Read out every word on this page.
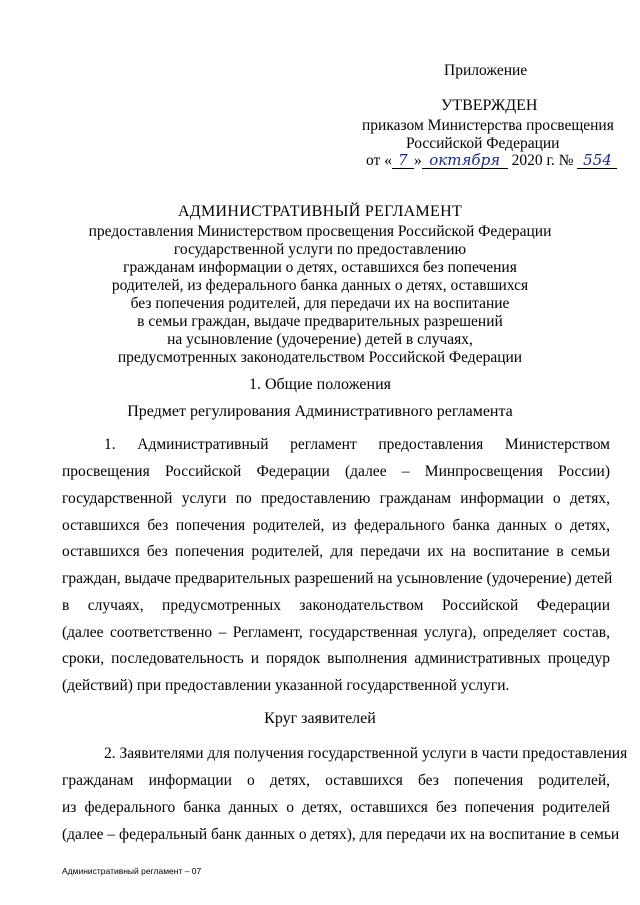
Приложение
УТВЕРЖДЕН
приказом Министерства просвещения
Российской Федерации
от « 7 » октября 2020 г. № 554
АДМИНИСТРАТИВНЫЙ РЕГЛАМЕНТ
предоставления Министерством просвещения Российской Федерации
государственной услуги по предоставлению
гражданам информации о детях, оставшихся без попечения
родителей, из федерального банка данных о детях, оставшихся
без попечения родителей, для передачи их на воспитание
в семьи граждан, выдаче предварительных разрешений
на усыновление (удочерение) детей в случаях,
предусмотренных законодательством Российской Федерации
1. Общие положения
Предмет регулирования Административного регламента
1. Административный регламент предоставления Министерством
просвещения Российской Федерации (далее – Минпросвещения России)
государственной услуги по предоставлению гражданам информации о детях,
оставшихся без попечения родителей, из федерального банка данных о детях,
оставшихся без попечения родителей, для передачи их на воспитание в семьи
граждан, выдаче предварительных разрешений на усыновление (удочерение) детей
в случаях, предусмотренных законодательством Российской Федерации
(далее соответственно – Регламент, государственная услуга), определяет состав,
сроки, последовательность и порядок выполнения административных процедур
(действий) при предоставлении указанной государственной услуги.
Круг заявителей
2. Заявителями для получения государственной услуги в части предоставления
гражданам информации о детях, оставшихся без попечения родителей,
из федерального банка данных о детях, оставшихся без попечения родителей
(далее – федеральный банк данных о детях), для передачи их на воспитание в семьи
Административный регламент – 07
